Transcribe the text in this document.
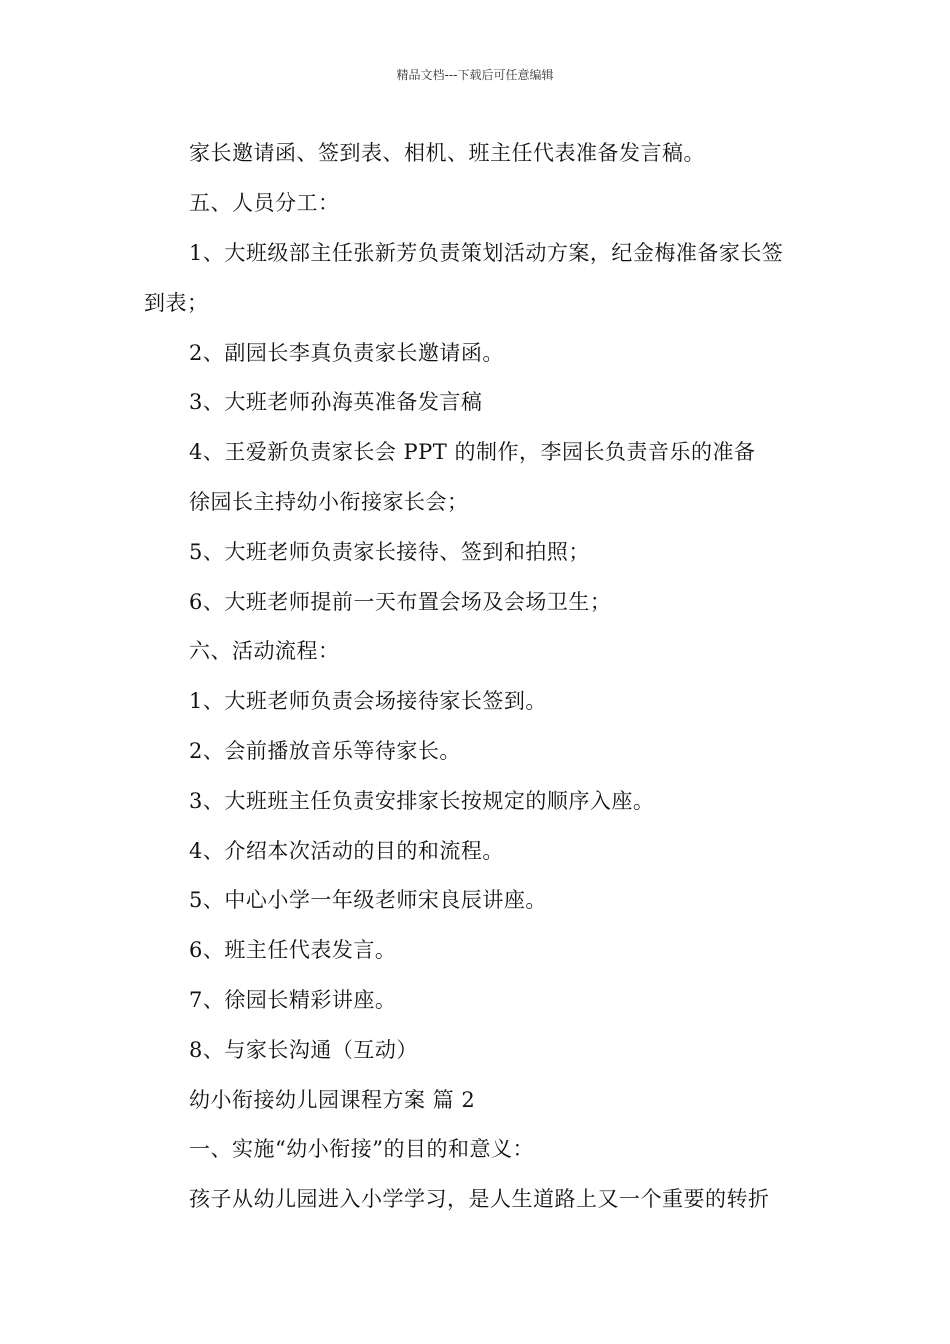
精品文档---下载后可任意编辑
家长邀请函、签到表、相机、班主任代表准备发言稿。
五、人员分工：
1、大班级部主任张新芳负责策划活动方案，纪金梅准备家长签
到表；
2、副园长李真负责家长邀请函。
3、大班老师孙海英准备发言稿
4、王爱新负责家长会 PPT 的制作，李园长负责音乐的准备
徐园长主持幼小衔接家长会；
5、大班老师负责家长接待、签到和拍照；
6、大班老师提前一天布置会场及会场卫生；
六、活动流程：
1、大班老师负责会场接待家长签到。
2、会前播放音乐等待家长。
3、大班班主任负责安排家长按规定的顺序入座。
4、介绍本次活动的目的和流程。
5、中心小学一年级老师宋良辰讲座。
6、班主任代表发言。
7、徐园长精彩讲座。
8、与家长沟通（互动）
幼小衔接幼儿园课程方案 篇 2
一、实施“幼小衔接”的目的和意义：
孩子从幼儿园进入小学学习，是人生道路上又一个重要的转折
